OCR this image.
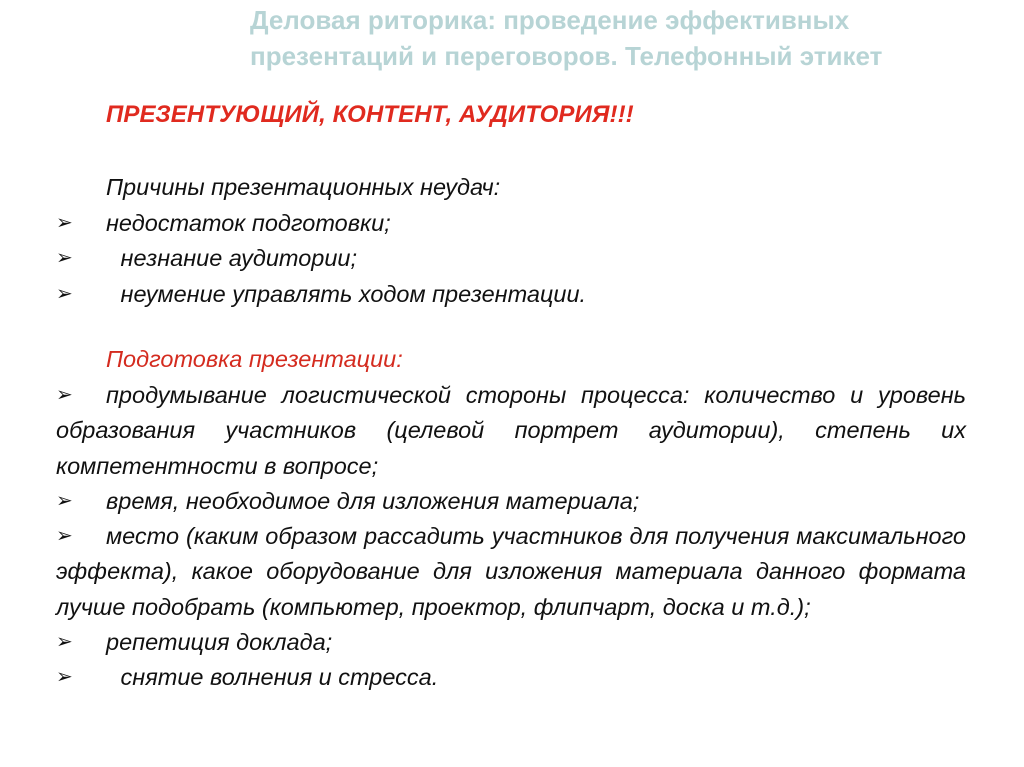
Деловая риторика: проведение эффективных презентаций и переговоров. Телефонный этикет
ПРЕЗЕНТУЮЩИЙ, КОНТЕНТ, АУДИТОРИЯ!!!
Причины презентационных неудач:
➢	недостаток подготовки;
➢	незнание аудитории;
➢	неумение управлять ходом презентации.
Подготовка презентации:
➢	продумывание логистической стороны процесса: количество и уровень образования участников (целевой портрет аудитории), степень их компетентности в вопросе;
➢	время, необходимое для изложения материала;
➢	место (каким образом рассадить участников для получения максимального эффекта), какое оборудование для изложения материала данного формата лучше подобрать (компьютер, проектор, флипчарт, доска и т.д.);
➢	репетиция доклада;
➢	снятие волнения и стресса.
